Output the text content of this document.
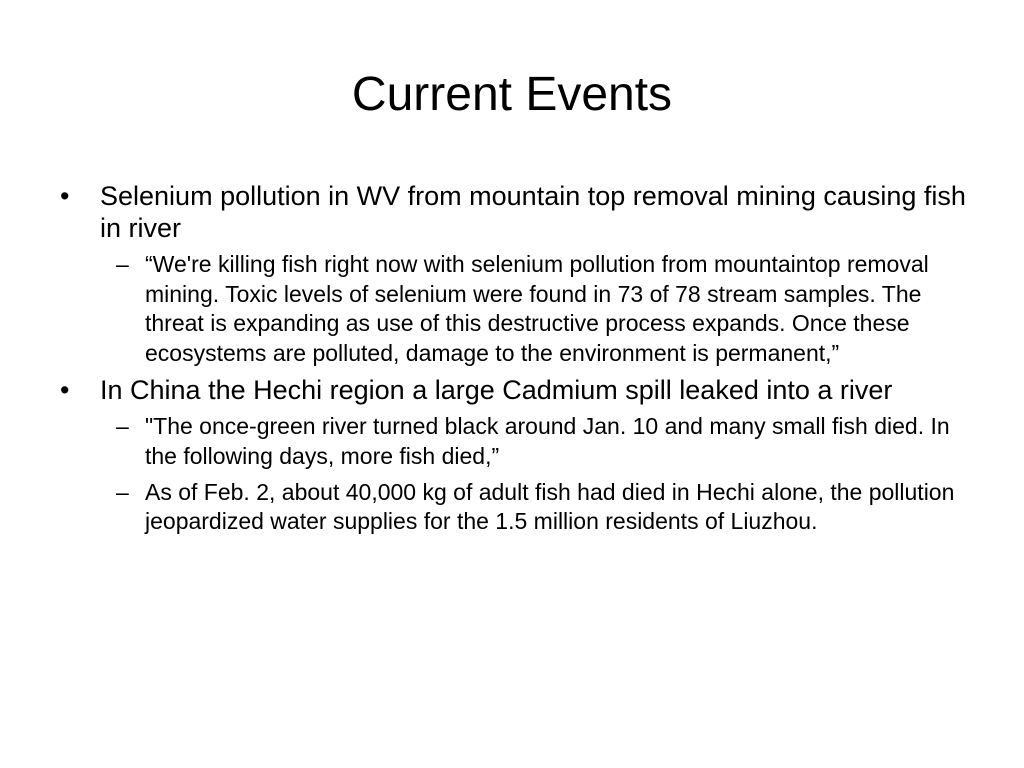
Current Events
•	Selenium pollution in WV from mountain top removal mining causing fish in river
– “We're killing fish right now with selenium pollution from mountaintop removal mining. Toxic levels of selenium were found in 73 of 78 stream samples. The threat is expanding as use of this destructive process expands. Once these ecosystems are polluted, damage to the environment is permanent,”
•	In China the Hechi region a large Cadmium spill leaked into a river
– "The once-green river turned black around Jan. 10 and many small fish died. In the following days, more fish died,”
– As of Feb. 2, about 40,000 kg of adult fish had died in Hechi alone, the pollution jeopardized water supplies for the 1.5 million residents of Liuzhou.
